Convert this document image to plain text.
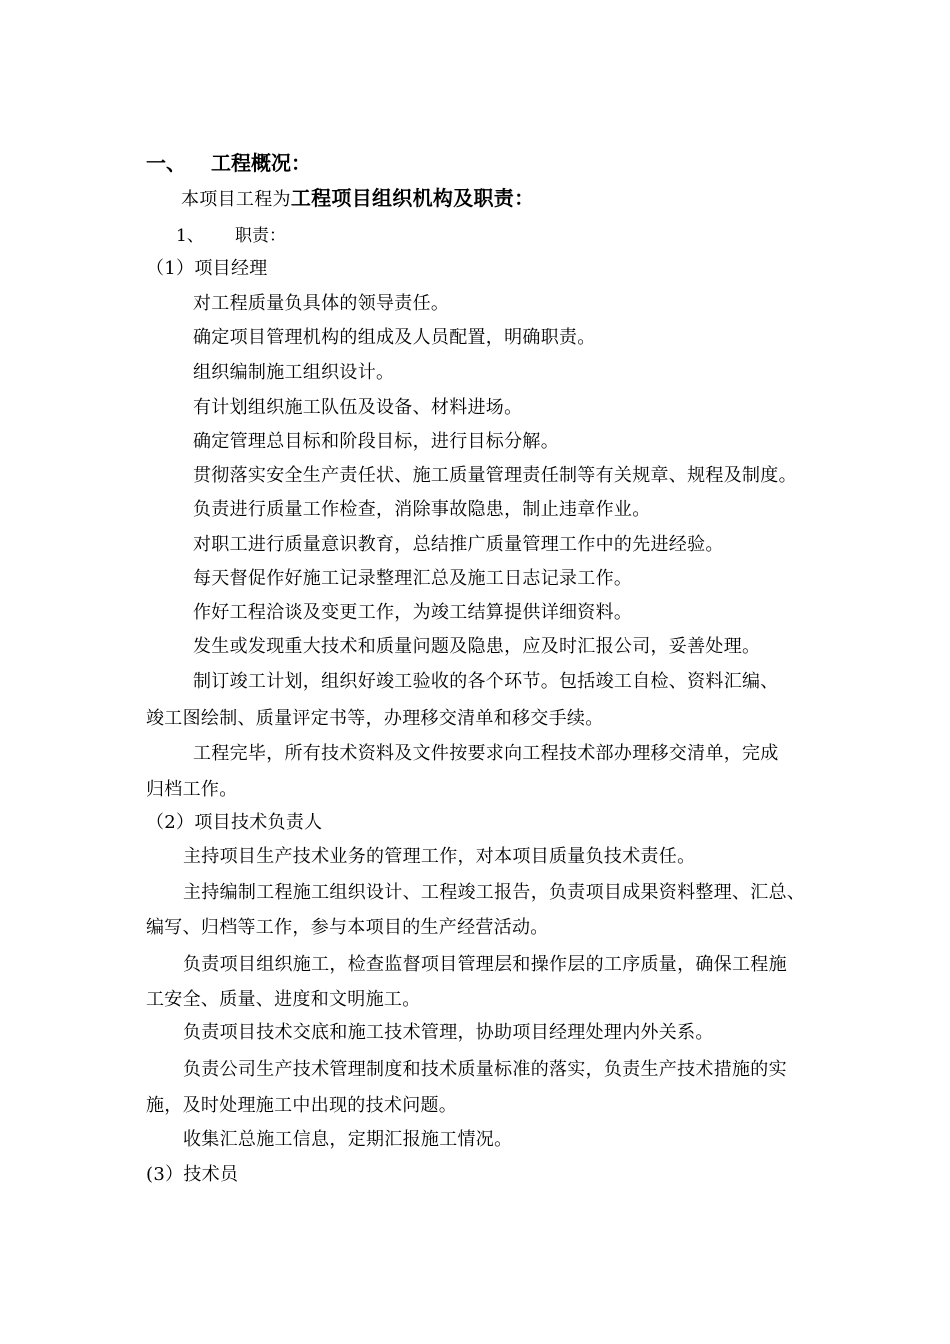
一、 工程概况：
本项目工程为工程项目组织机构及职责：
1、 职责：
（1）项目经理
对工程质量负具体的领导责任。
确定项目管理机构的组成及人员配置，明确职责。
组织编制施工组织设计。
有计划组织施工队伍及设备、材料进场。
确定管理总目标和阶段目标，进行目标分解。
贯彻落实安全生产责任状、施工质量管理责任制等有关规章、规程及制度。
负责进行质量工作检查，消除事故隐患，制止违章作业。
对职工进行质量意识教育，总结推广质量管理工作中的先进经验。
每天督促作好施工记录整理汇总及施工日志记录工作。
作好工程洽谈及变更工作，为竣工结算提供详细资料。
发生或发现重大技术和质量问题及隐患，应及时汇报公司，妥善处理。
制订竣工计划，组织好竣工验收的各个环节。包括竣工自检、资料汇编、
竣工图绘制、质量评定书等，办理移交清单和移交手续。
工程完毕，所有技术资料及文件按要求向工程技术部办理移交清单，完成
归档工作。
（2）项目技术负责人
主持项目生产技术业务的管理工作，对本项目质量负技术责任。
主持编制工程施工组织设计、工程竣工报告，负责项目成果资料整理、汇总、
编写、归档等工作，参与本项目的生产经营活动。
负责项目组织施工，检查监督项目管理层和操作层的工序质量，确保工程施
工安全、质量、进度和文明施工。
负责项目技术交底和施工技术管理，协助项目经理处理内外关系。
负责公司生产技术管理制度和技术质量标准的落实，负责生产技术措施的实
施，及时处理施工中出现的技术问题。
收集汇总施工信息，定期汇报施工情况。
(3）技术员
